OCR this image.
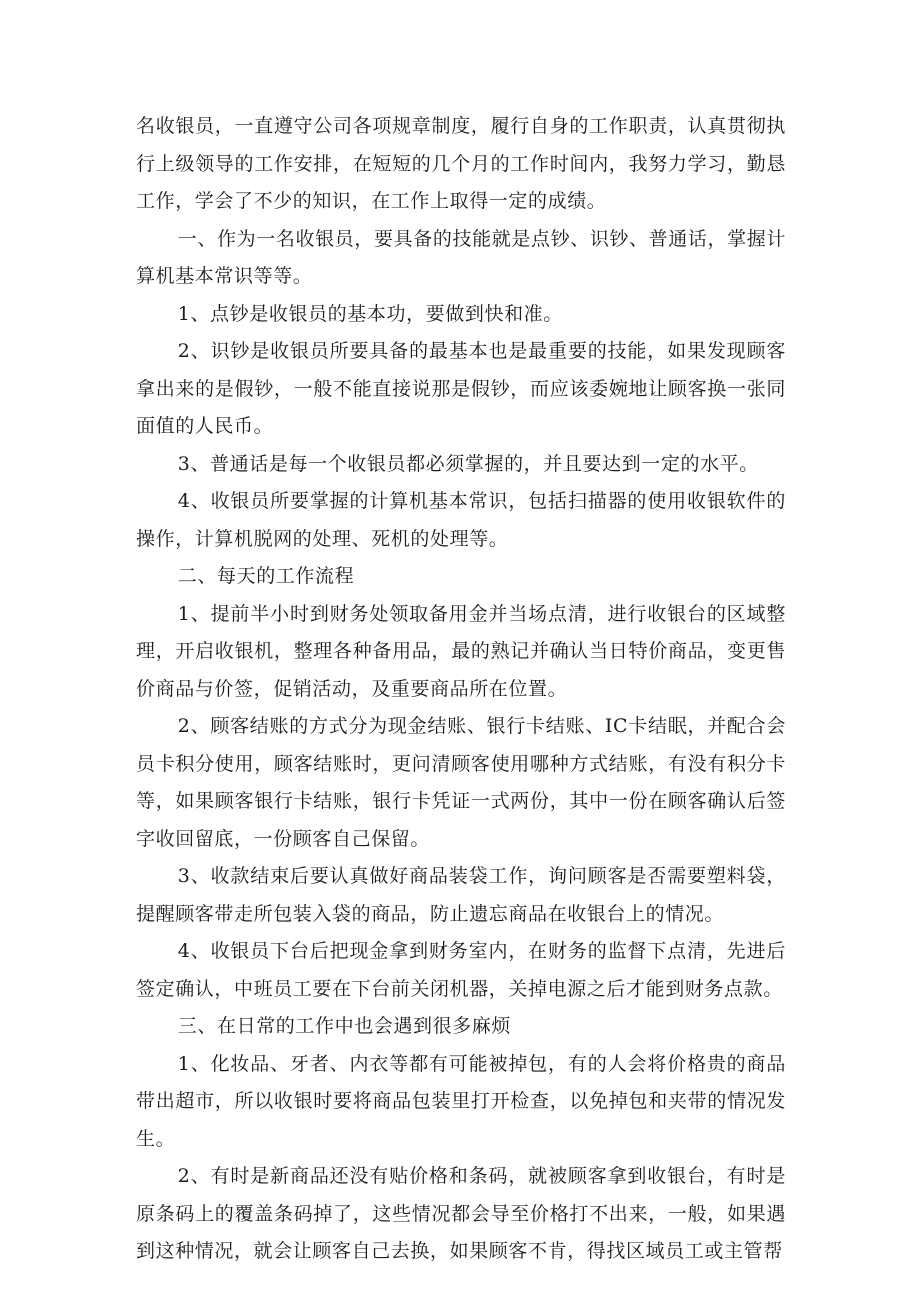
名收银员，一直遵守公司各项规章制度，履行自身的工作职责，认真贯彻执行上级领导的工作安排，在短短的几个月的工作时间内，我努力学习，勤恳工作，学会了不少的知识，在工作上取得一定的成绩。

一、作为一名收银员，要具备的技能就是点钞、识钞、普通话，掌握计算机基本常识等等。

1、点钞是收银员的基本功，要做到快和准。

2、识钞是收银员所要具备的最基本也是最重要的技能，如果发现顾客拿出来的是假钞，一般不能直接说那是假钞，而应该委婉地让顾客换一张同面值的人民币。

3、普通话是每一个收银员都必须掌握的，并且要达到一定的水平。

4、收银员所要掌握的计算机基本常识，包括扫描器的使用收银软件的操作，计算机脱网的处理、死机的处理等。

二、每天的工作流程

1、提前半小时到财务处领取备用金并当场点清，进行收银台的区域整理，开启收银机，整理各种备用品，最的熟记并确认当日特价商品，变更售价商品与价签，促销活动，及重要商品所在位置。

2、顾客结账的方式分为现金结账、银行卡结账、IC卡结眠，并配合会员卡积分使用，顾客结账时，更问清顾客使用哪种方式结账，有没有积分卡等，如果顾客银行卡结账，银行卡凭证一式两份，其中一份在顾客确认后签字收回留底，一份顾客自己保留。

3、收款结束后要认真做好商品装袋工作，询问顾客是否需要塑料袋，提醒顾客带走所包装入袋的商品，防止遗忘商品在收银台上的情况。

4、收银员下台后把现金拿到财务室内，在财务的监督下点清，先进后签定确认，中班员工要在下台前关闭机器，关掉电源之后才能到财务点款。

三、在日常的工作中也会遇到很多麻烦

1、化妆品、牙者、内衣等都有可能被掉包，有的人会将价格贵的商品带出超市，所以收银时要将商品包装里打开检查，以免掉包和夹带的情况发生。

2、有时是新商品还没有贴价格和条码，就被顾客拿到收银台，有时是原条码上的覆盖条码掉了，这些情况都会导至价格打不出来，一般，如果遇到这种情况，就会让顾客自己去换，如果顾客不肯，得找区域员工或主管帮
